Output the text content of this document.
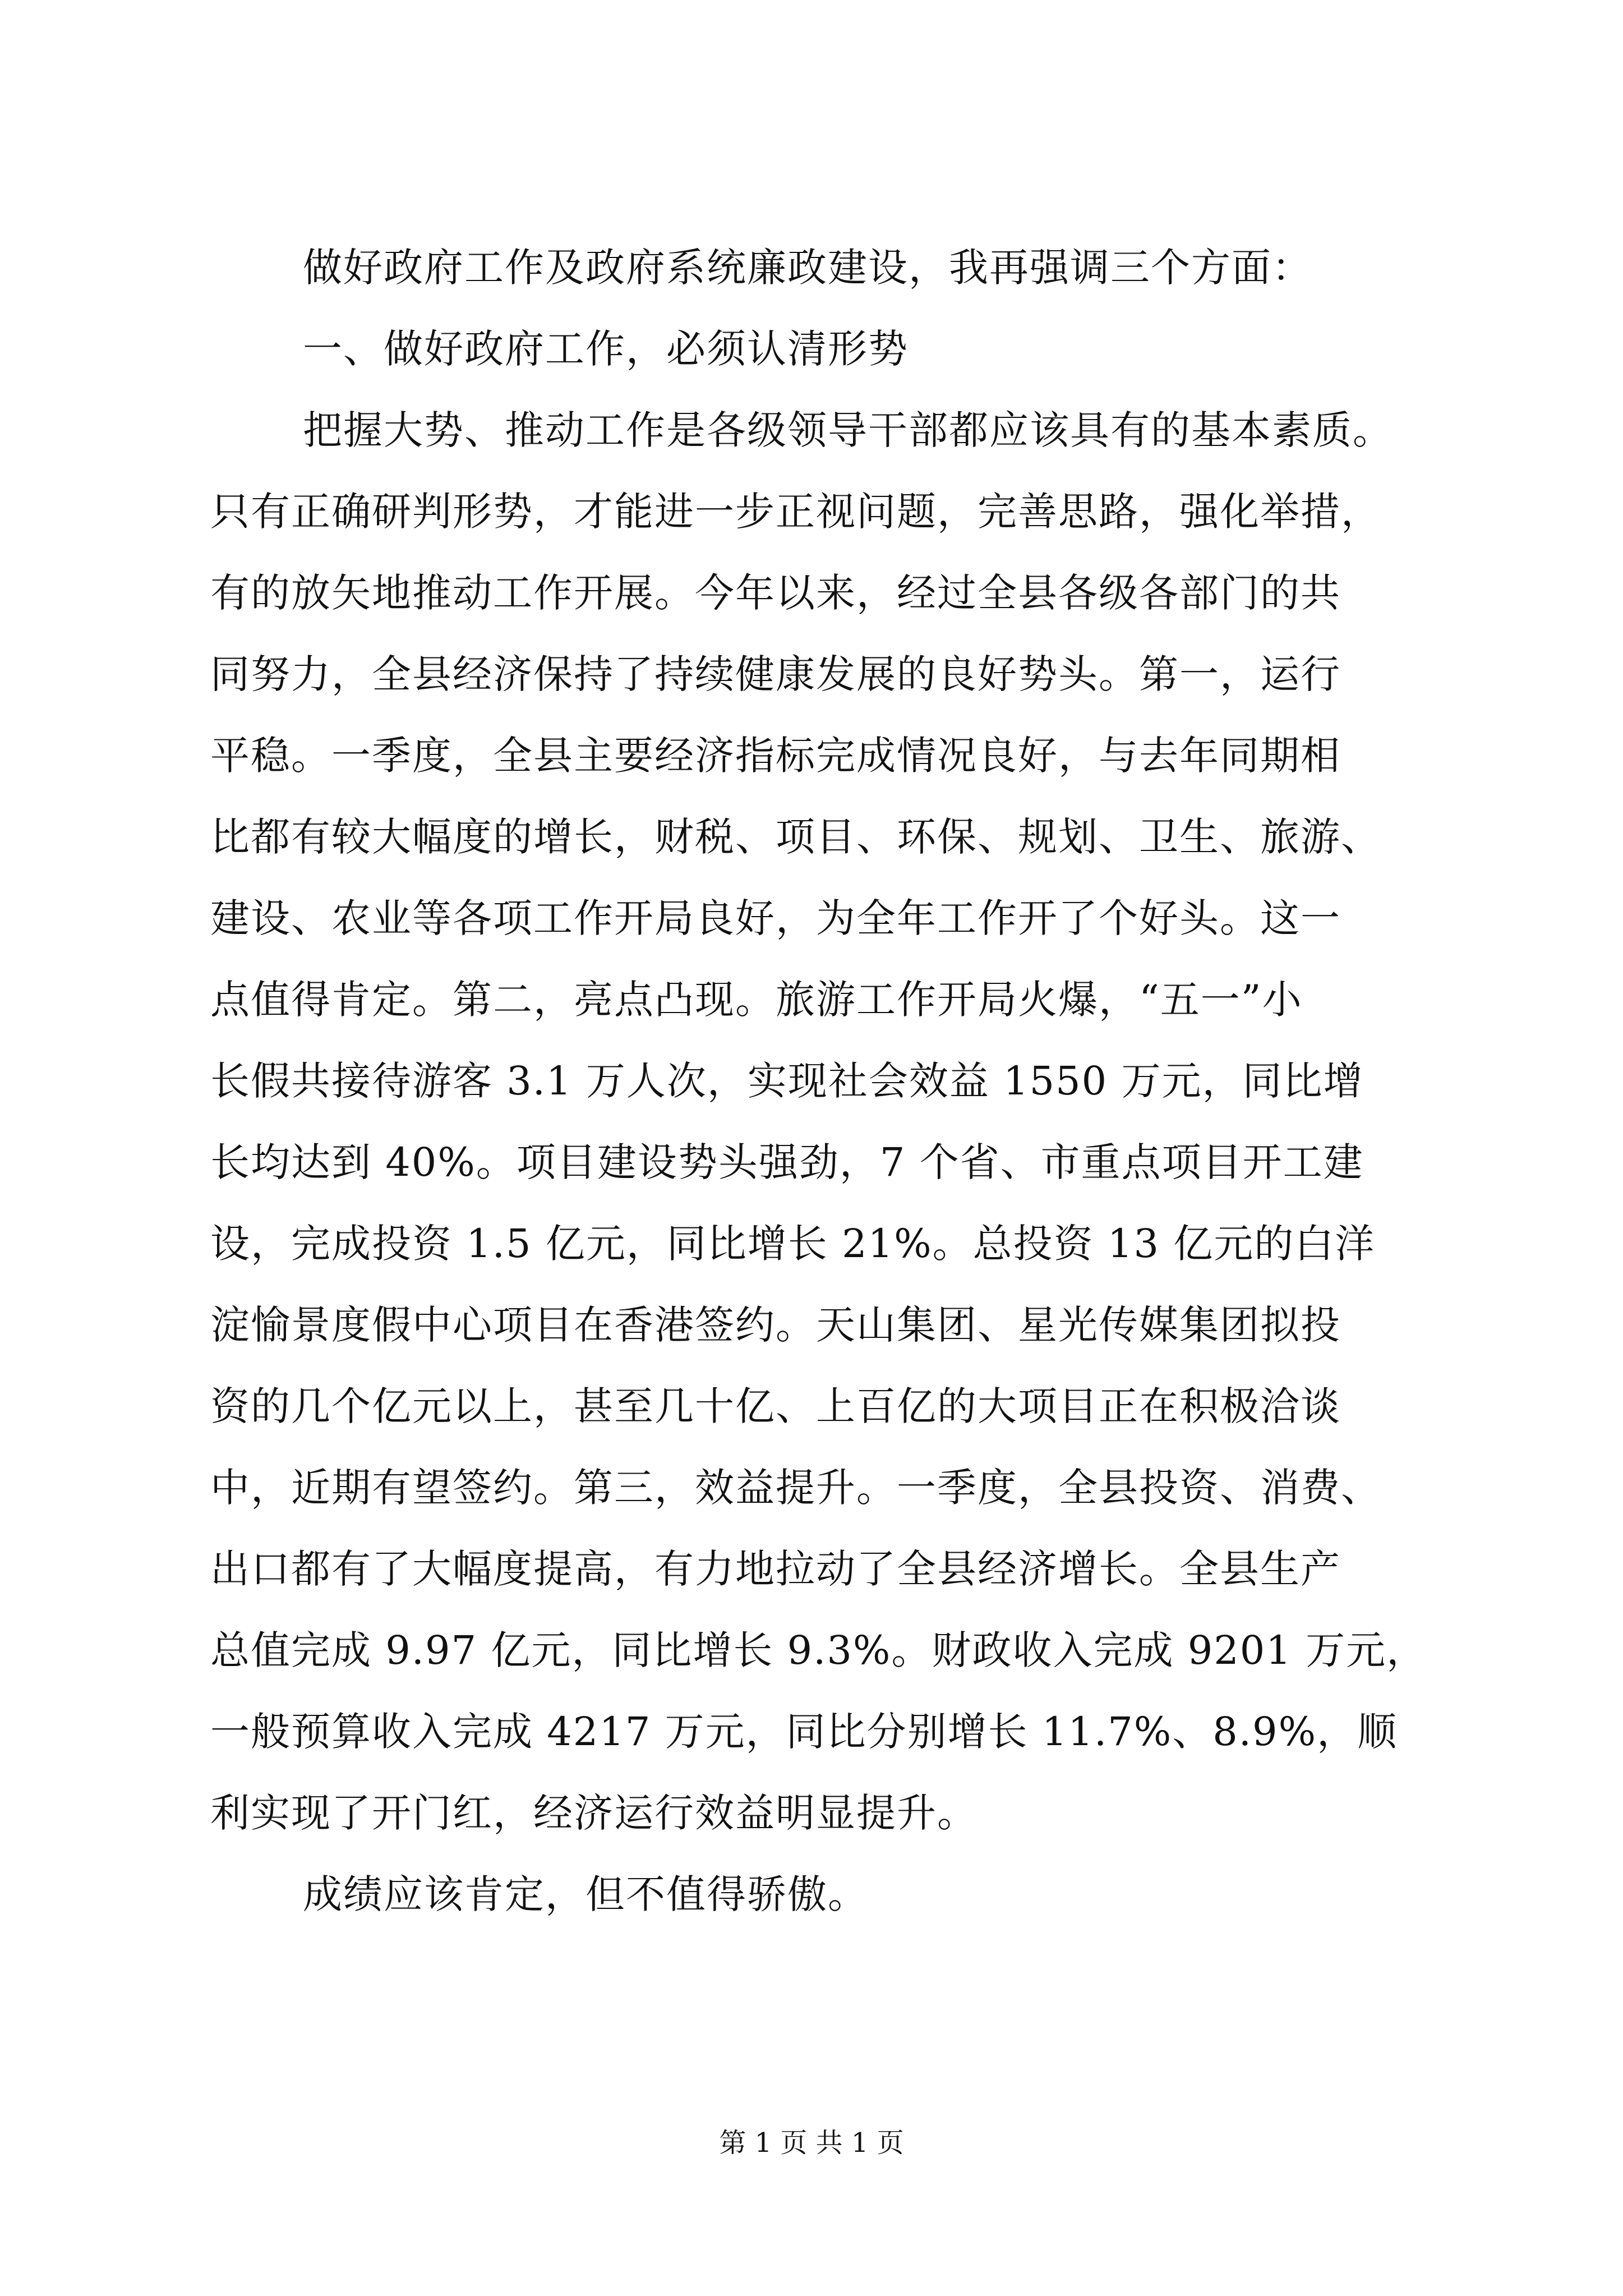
做好政府工作及政府系统廉政建设，我再强调三个方面：

一、做好政府工作，必须认清形势

把握大势、推动工作是各级领导干部都应该具有的基本素质。

只有正确研判形势，才能进一步正视问题，完善思路，强化举措，

有的放矢地推动工作开展。今年以来，经过全县各级各部门的共

同努力，全县经济保持了持续健康发展的良好势头。第一，运行

平稳。一季度，全县主要经济指标完成情况良好，与去年同期相

比都有较大幅度的增长，财税、项目、环保、规划、卫生、旅游、

建设、农业等各项工作开局良好，为全年工作开了个好头。这一

点值得肯定。第二，亮点凸现。旅游工作开局火爆，“五一”小

长假共接待游客 3.1 万人次，实现社会效益 1550 万元，同比增

长均达到 40%。项目建设势头强劲，7 个省、市重点项目开工建

设，完成投资 1.5 亿元，同比增长 21%。总投资 13 亿元的白洋

淀愉景度假中心项目在香港签约。天山集团、星光传媒集团拟投

资的几个亿元以上，甚至几十亿、上百亿的大项目正在积极洽谈

中，近期有望签约。第三，效益提升。一季度，全县投资、消费、

出口都有了大幅度提高，有力地拉动了全县经济增长。全县生产

总值完成 9.97 亿元，同比增长 9.3%。财政收入完成 9201 万元，

一般预算收入完成 4217 万元，同比分别增长 11.7%、8.9%，顺

利实现了开门红，经济运行效益明显提升。

成绩应该肯定，但不值得骄傲。

第 1 页 共 1 页
